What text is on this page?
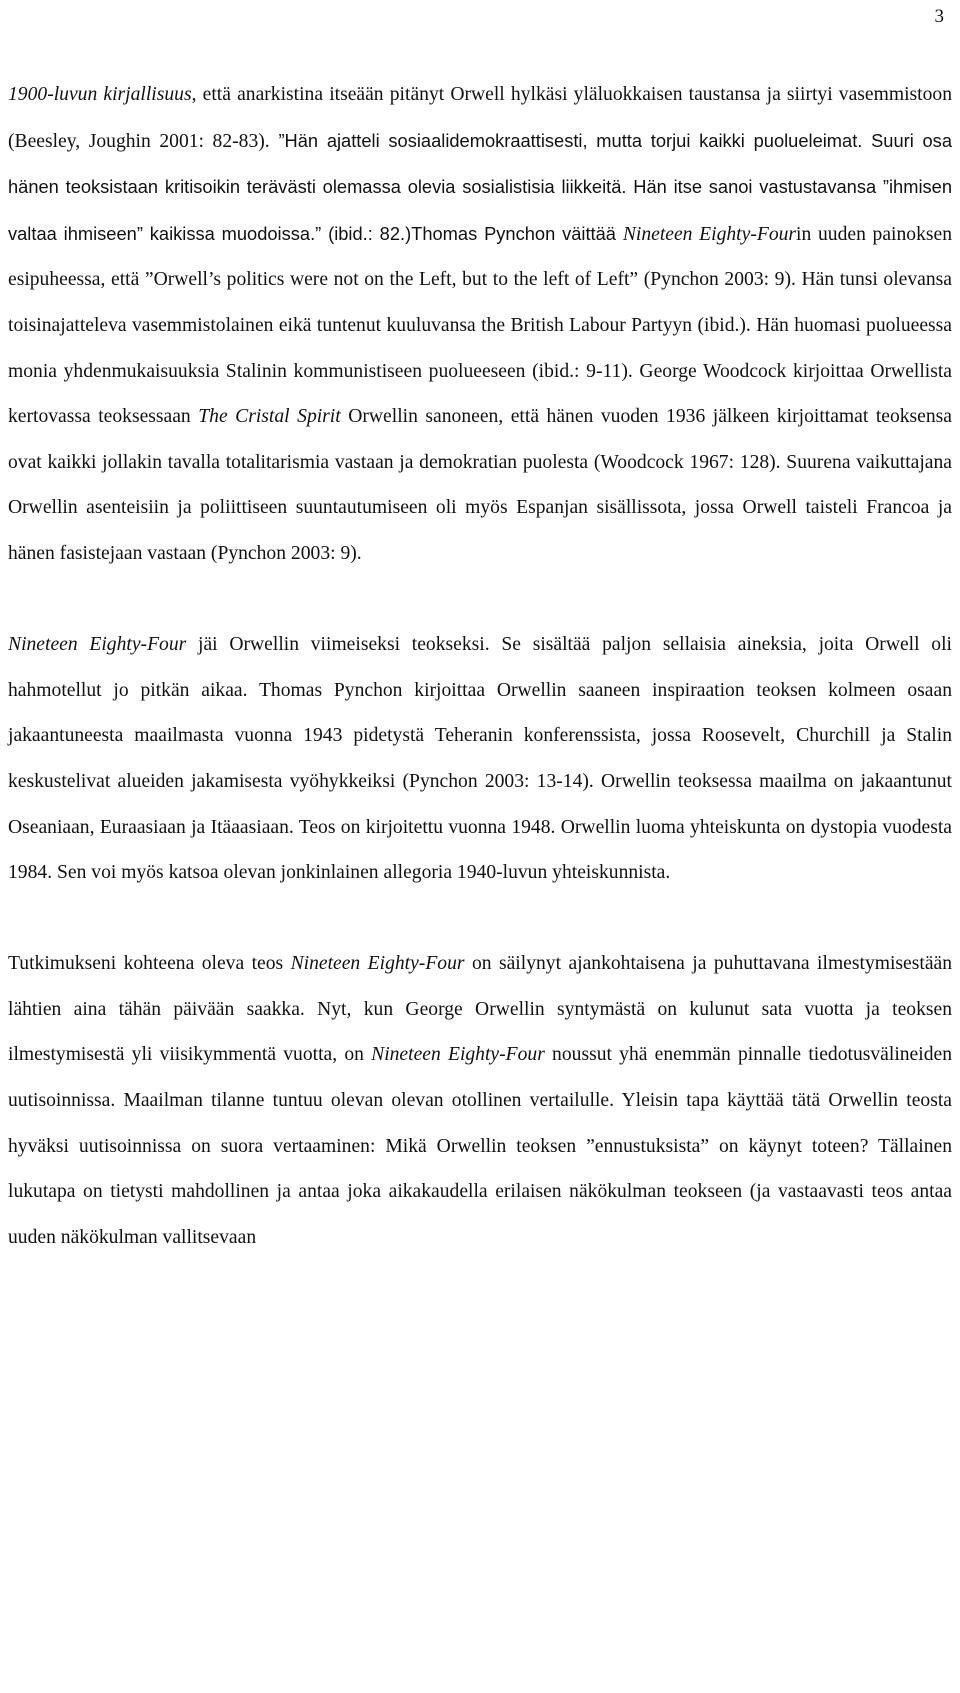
3

1900-luvun kirjallisuus, että anarkistina itseään pitänyt Orwell hylkäsi yläluokkaisen taustansa ja siirtyi vasemmistoon (Beesley, Joughin 2001: 82-83). ”Hän ajatteli sosiaalidemokraattisesti, mutta torjui kaikki puolueleimat. Suuri osa hänen teoksistaan kritisoikin terävästi olemassa olevia sosialistisia liikkeitä. Hän itse sanoi vastustavansa ”ihmisen valtaa ihmiseen” kaikissa muodoissa.” (ibid.: 82.)Thomas Pynchon väittää Nineteen Eighty-Fourin uuden painoksen esipuheessa, että ”Orwell’s politics were not on the Left, but to the left of Left” (Pynchon 2003: 9). Hän tunsi olevansa toisinajatteleva vasemmistolainen eikä tuntenut kuuluvansa the British Labour Partyyn (ibid.). Hän huomasi puolueessa monia yhdenmukaisuuksia Stalinin kommunistiseen puolueeseen (ibid.: 9-11). George Woodcock kirjoittaa Orwellista kertovassa teoksessaan The Cristal Spirit Orwellin sanoneen, että hänen vuoden 1936 jälkeen kirjoittamat teoksensa ovat kaikki jollakin tavalla totalitarismia vastaan ja demokratian puolesta (Woodcock 1967: 128). Suurena vaikuttajana Orwellin asenteisiin ja poliittiseen suuntautumiseen oli myös Espanjan sisällissota, jossa Orwell taisteli Francoa ja hänen fasistejaan vastaan (Pynchon 2003: 9).

Nineteen Eighty-Four jäi Orwellin viimeiseksi teokseksi. Se sisältää paljon sellaisia aineksia, joita Orwell oli hahmotellut jo pitkän aikaa. Thomas Pynchon kirjoittaa Orwellin saaneen inspiraation teoksen kolmeen osaan jakaantuneesta maailmasta vuonna 1943 pidetystä Teheranin konferenssista, jossa Roosevelt, Churchill ja Stalin keskustelivat alueiden jakamisesta vyöhykkeiksi (Pynchon 2003: 13-14). Orwellin teoksessa maailma on jakaantunut Oseaniaan, Euraasiaan ja Itäaasiaan. Teos on kirjoitettu vuonna 1948. Orwellin luoma yhteiskunta on dystopia vuodesta 1984. Sen voi myös katsoa olevan jonkinlainen allegoria 1940-luvun yhteiskunnista.

Tutkimukseni kohteena oleva teos Nineteen Eighty-Four on säilynyt ajankohtaisena ja puhuttavana ilmestymisestään lähtien aina tähän päivään saakka. Nyt, kun George Orwellin syntymästä on kulunut sata vuotta ja teoksen ilmestymisestä yli viisikymmentä vuotta, on Nineteen Eighty-Four noussut yhä enemmän pinnalle tiedotusvälineiden uutisoinnissa. Maailman tilanne tuntuu olevan olevan otollinen vertailulle. Yleisin tapa käyttää tätä Orwellin teosta hyväksi uutisoinnissa on suora vertaaminen: Mikä Orwellin teoksen ”ennustuksista” on käynyt toteen? Tällainen lukutapa on tietysti mahdollinen ja antaa joka aikakaudella erilaisen näkökulman teokseen (ja vastaavasti teos antaa uuden näkökulman vallitsevaan
